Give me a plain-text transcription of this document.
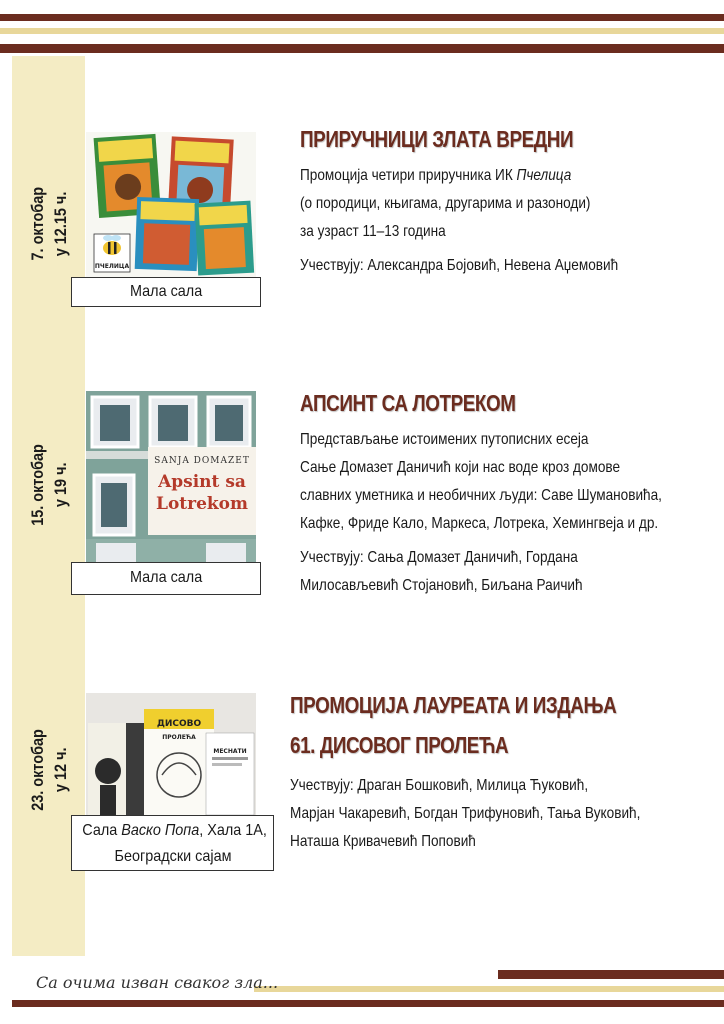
7. октобар у 12.15 ч.
ПЧЕЛИЦА
Мала сала
ПРИРУЧНИЦИ ЗЛАТА ВРЕДНИ
Промоција четири приручника ИК Пчелица
(о породици, књигама, другарима и разоноди)
за узраст 11–13 година
Учествују: Александра Бојовић, Невена Аџемовић
15. октобар у 19 ч.
SANJA DOMAZET
Apsint sa
Lotrekom
Мала сала
АПСИНТ СА ЛОТРЕКОМ
Представљање истоимених путописних есеја
Сање Домазет Даничић који нас воде кроз домове
славних уметника и необичних људи: Саве Шумановића,
Кафке, Фриде Кало, Маркеса, Лотрека, Хемингвеја и др.
Учествују: Сања Домазет Даничић, Гордана
Милосављевић Стојановић, Биљана Раичић
23. октобар у 12 ч.
ДИСОВО
ПРОЛЕЋА
МЕСНАТИ
Сала Васко Попа, Хала 1А, Београдски сајам
ПРОМОЦИЈА ЛАУРЕАТА И ИЗДАЊА
61. ДИСОВОГ ПРОЛЕЋА
Учествују: Драган Бошковић, Милица Ћуковић,
Марјан Чакаревић, Богдан Трифуновић, Тања Вуковић,
Наташа Кривачевић Поповић
Са очима изван сваког зла...
